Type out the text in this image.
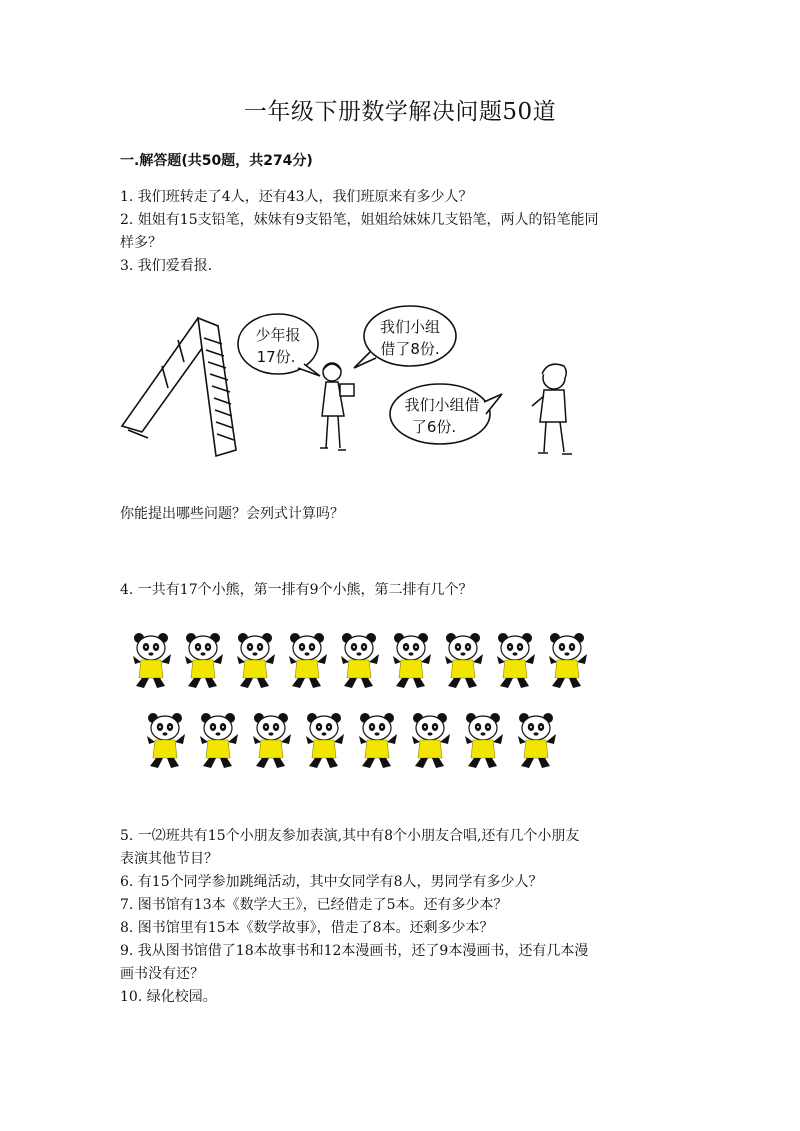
一年级下册数学解决问题50道
一.解答题(共50题，共274分)
1. 我们班转走了4人，还有43人，我们班原来有多少人？
2. 姐姐有15支铅笔，妹妹有9支铅笔，姐姐给妹妹几支铅笔，两人的铅笔能同
样多？
3. 我们爱看报.
少年报
17份.
我们小组
借了8份.
我们小组借
了6份.
你能提出哪些问题？会列式计算吗？
4. 一共有17个小熊，第一排有9个小熊，第二排有几个？
5. 一⑵班共有15个小朋友参加表演,其中有8个小朋友合唱,还有几个小朋友
表演其他节目？
6. 有15个同学参加跳绳活动，其中女同学有8人，男同学有多少人？
7. 图书馆有13本《数学大王》，已经借走了5本。还有多少本？
8. 图书馆里有15本《数学故事》，借走了8本。还剩多少本？
9. 我从图书馆借了18本故事书和12本漫画书，还了9本漫画书，还有几本漫
画书没有还？
10. 绿化校园。
